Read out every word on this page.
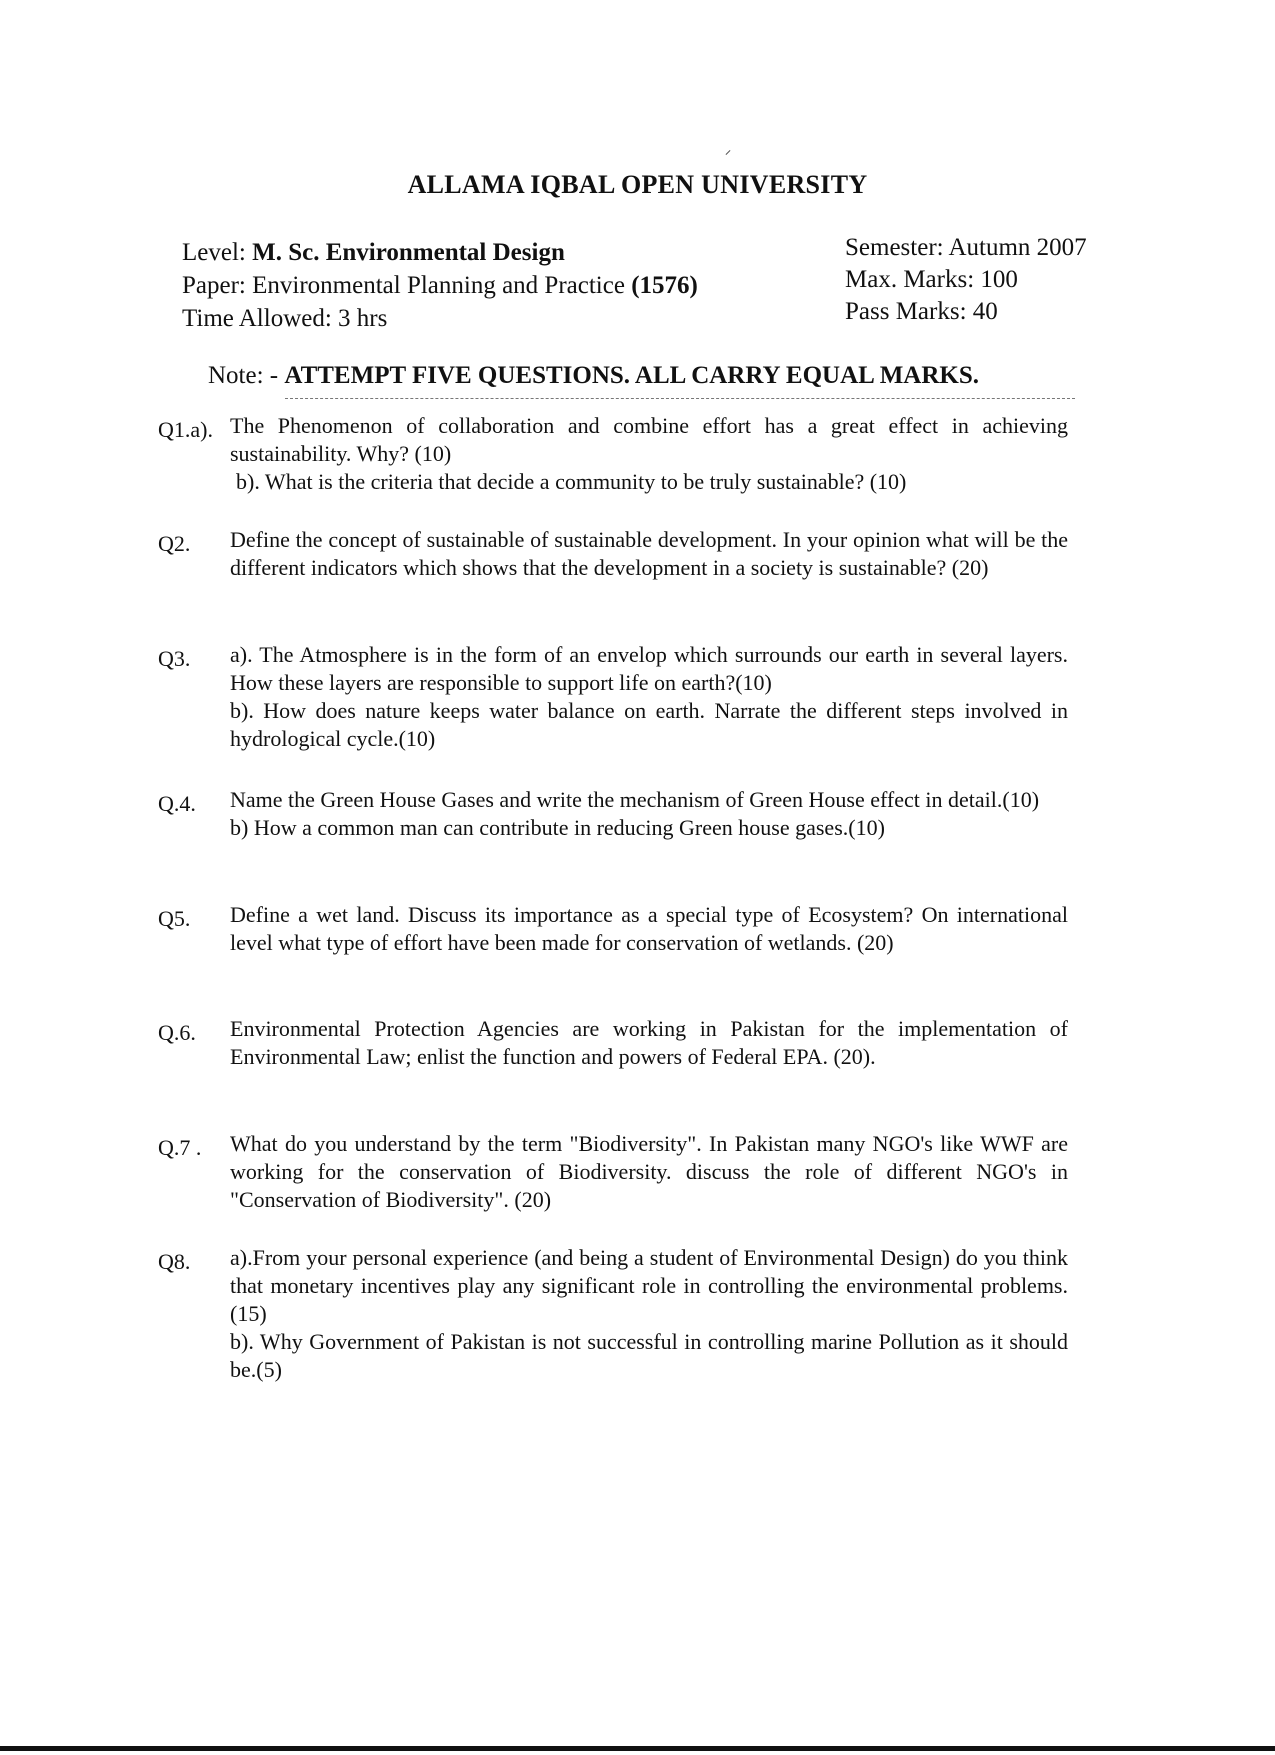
ALLAMA IQBAL OPEN UNIVERSITY
Level: M. Sc. Environmental Design
Paper: Environmental Planning and Practice (1576)
Time Allowed: 3 hrs
Semester: Autumn 2007
Max. Marks: 100
Pass Marks: 40
Note: - ATTEMPT FIVE QUESTIONS. ALL CARRY EQUAL MARKS.
Q1.a). The Phenomenon of collaboration and combine effort has a great effect in achieving sustainability. Why? (10)
b). What is the criteria that decide a community to be truly sustainable? (10)
Q2. Define the concept of sustainable of sustainable development. In your opinion what will be the different indicators which shows that the development in a society is sustainable? (20)
Q3. a). The Atmosphere is in the form of an envelop which surrounds our earth in several layers. How these layers are responsible to support life on earth?(10)
b). How does nature keeps water balance on earth. Narrate the different steps involved in hydrological cycle.(10)
Q.4. Name the Green House Gases and write the mechanism of Green House effect in detail.(10)
b) How a common man can contribute in reducing Green house gases.(10)
Q5. Define a wet land. Discuss its importance as a special type of Ecosystem? On international level what type of effort have been made for conservation of wetlands. (20)
Q.6. Environmental Protection Agencies are working in Pakistan for the implementation of Environmental Law; enlist the function and powers of Federal EPA. (20).
Q.7 . What do you understand by the term "Biodiversity". In Pakistan many NGO's like WWF are working for the conservation of Biodiversity. discuss the role of different NGO's in "Conservation of Biodiversity". (20)
Q8. a).From your personal experience (and being a student of Environmental Design) do you think that monetary incentives play any significant role in controlling the environmental problems.(15)
b). Why Government of Pakistan is not successful in controlling marine Pollution as it should be.(5)
